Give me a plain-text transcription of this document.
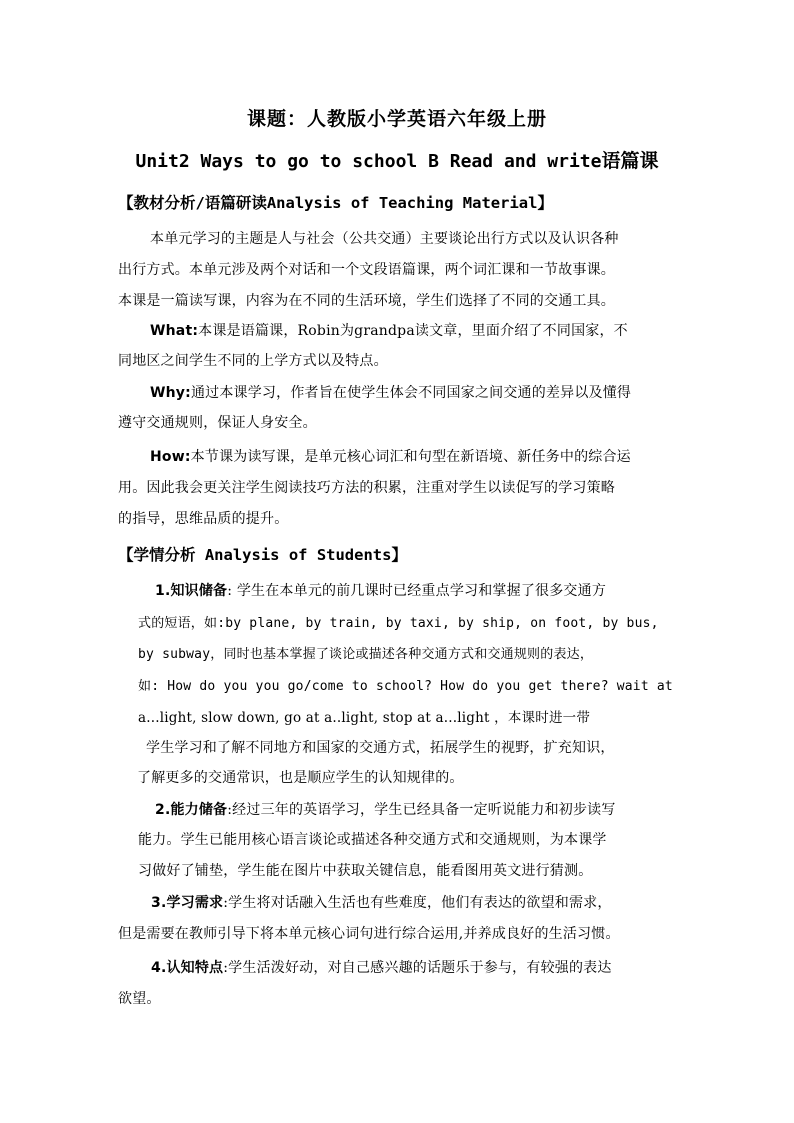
课题：人教版小学英语六年级上册
Unit2 Ways to go to school B Read and write语篇课
【教材分析/语篇研读Analysis of Teaching Material】
本单元学习的主题是人与社会（公共交通）主要谈论出行方式以及认识各种
出行方式。本单元涉及两个对话和一个文段语篇课，两个词汇课和一节故事课。
本课是一篇读写课，内容为在不同的生活环境，学生们选择了不同的交通工具。
What:本课是语篇课，Robin为grandpa读文章，里面介绍了不同国家，不
同地区之间学生不同的上学方式以及特点。
Why:通过本课学习，作者旨在使学生体会不同国家之间交通的差异以及懂得
遵守交通规则，保证人身安全。
How:本节课为读写课，是单元核心词汇和句型在新语境、新任务中的综合运
用。因此我会更关注学生阅读技巧方法的积累，注重对学生以读促写的学习策略
的指导，思维品质的提升。
【学情分析 Analysis of Students】
1.知识储备: 学生在本单元的前几课时已经重点学习和掌握了很多交通方
式的短语，如:by plane, by train, by taxi, by ship, on foot, by bus,
by subway，同时也基本掌握了谈论或描述各种交通方式和交通规则的表达，
如: How do you you go/come to school? How do you get there? wait at
a...light, slow down, go at a..light, stop at a...light ，本课时进一带
学生学习和了解不同地方和国家的交通方式，拓展学生的视野，扩充知识，
了解更多的交通常识，也是顺应学生的认知规律的。
2.能力储备:经过三年的英语学习，学生已经具备一定听说能力和初步读写
能力。学生已能用核心语言谈论或描述各种交通方式和交通规则，为本课学
习做好了铺垫，学生能在图片中获取关键信息，能看图用英文进行猜测。
3.学习需求:学生将对话融入生活也有些难度，他们有表达的欲望和需求，
但是需要在教师引导下将本单元核心词句进行综合运用,并养成良好的生活习惯。
4.认知特点:学生活泼好动，对自己感兴趣的话题乐于参与，有较强的表达
欲望。
